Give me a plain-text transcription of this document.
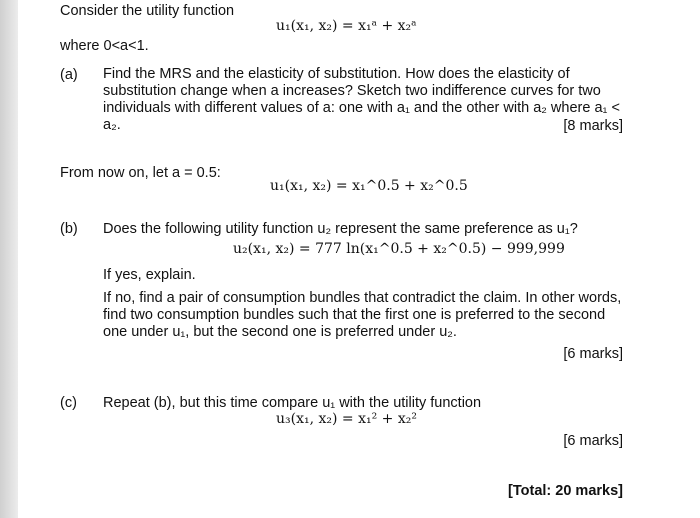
Consider the utility function
u₁(x₁, x₂) = x₁ᵃ + x₂ᵃ
where 0<a<1.
(a) Find the MRS and the elasticity of substitution. How does the elasticity of substitution change when a increases? Sketch two indifference curves for two individuals with different values of a: one with a₁ and the other with a₂ where a₁ < a₂.	[8 marks]
From now on, let a = 0.5:
u₁(x₁, x₂) = x₁^0.5 + x₂^0.5
(b) Does the following utility function u₂ represent the same preference as u₁?
u₂(x₁, x₂) = 777 ln(x₁^0.5 + x₂^0.5) − 999,999
If yes, explain.
If no, find a pair of consumption bundles that contradict the claim. In other words, find two consumption bundles such that the first one is preferred to the second one under u₁, but the second one is preferred under u₂.
[6 marks]
(c) Repeat (b), but this time compare u₁ with the utility function
u₃(x₁, x₂) = x₁² + x₂²
[6 marks]
[Total: 20 marks]
